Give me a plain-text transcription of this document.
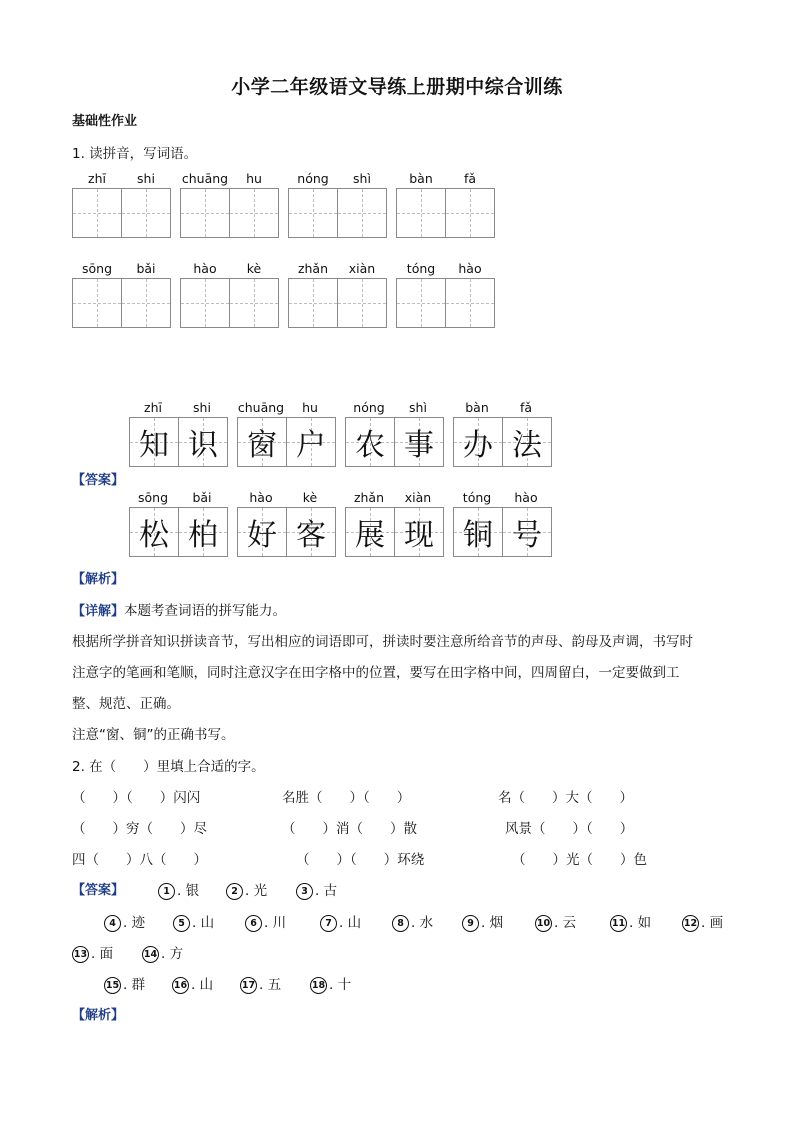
小学二年级语文导练上册期中综合训练
基础性作业
1. 读拼音，写词语。
zhī	shi	chuāng	hu	nóng	shì	bàn	fǎ
sōng	bǎi	hào	kè	zhǎn	xiàn	tóng	hào
zhī	shi
知 识
chuāng	hu
窗 户
nóng	shì
农 事
bàn	fǎ
办 法
sōng	bǎi
松 柏
hào	kè
好 客
zhǎn	xiàn
展 现
tóng	hào
铜 号
【答案】
【解析】
【详解】本题考查词语的拼写能力。
根据所学拼音知识拼读音节，写出相应的词语即可，拼读时要注意所给音节的声母、韵母及声调，书写时
注意字的笔画和笔顺，同时注意汉字在田字格中的位置，要写在田字格中间，四周留白，一定要做到工
整、规范、正确。
注意“窗、铜”的正确书写。
2. 在（　　）里填上合适的字。
（　　）（　　）闪闪	名胜（　　）（　　）	名（　　）大（　　）
（　　）穷（　　）尽	（　　）消（　　）散	风景（　　）（　　）
四（　　）八（　　）	（　　）（　　）环绕	（　　）光（　　）色
【答案】	1 . 银	2 . 光	3 . 古
4 . 迹	5 . 山	6 . 川	7 . 山	8 . 水	9 . 烟	10 . 云	11 . 如	12 . 画
13 . 面	14 . 方
15 . 群	16 . 山	17 . 五	18 . 十
【解析】
